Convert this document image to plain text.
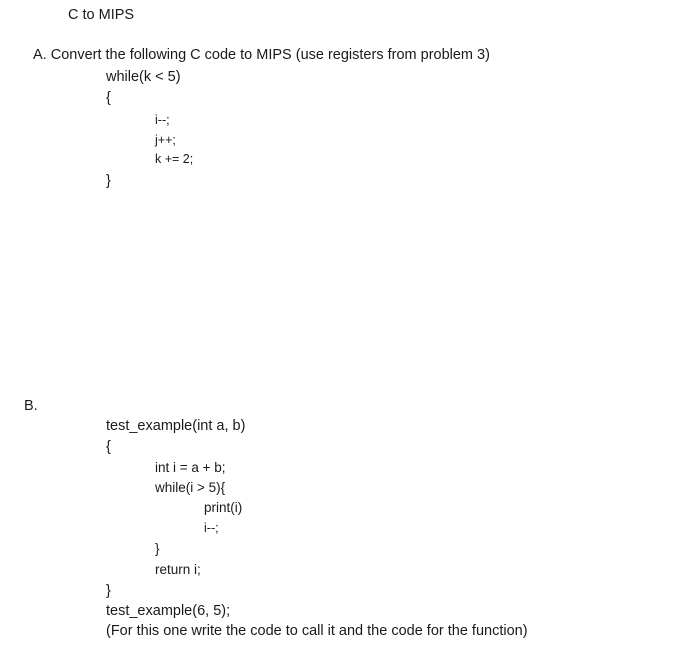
C to MIPS
A. Convert the following C code to MIPS (use registers from problem 3)
while(k < 5)
{
i--;
j++;
k += 2;
}
B.
test_example(int a, b)
{
int i = a + b;
while(i > 5){
print(i)
i--;
}
return i;
}
test_example(6, 5);
(For this one write the code to call it and the code for the function)
